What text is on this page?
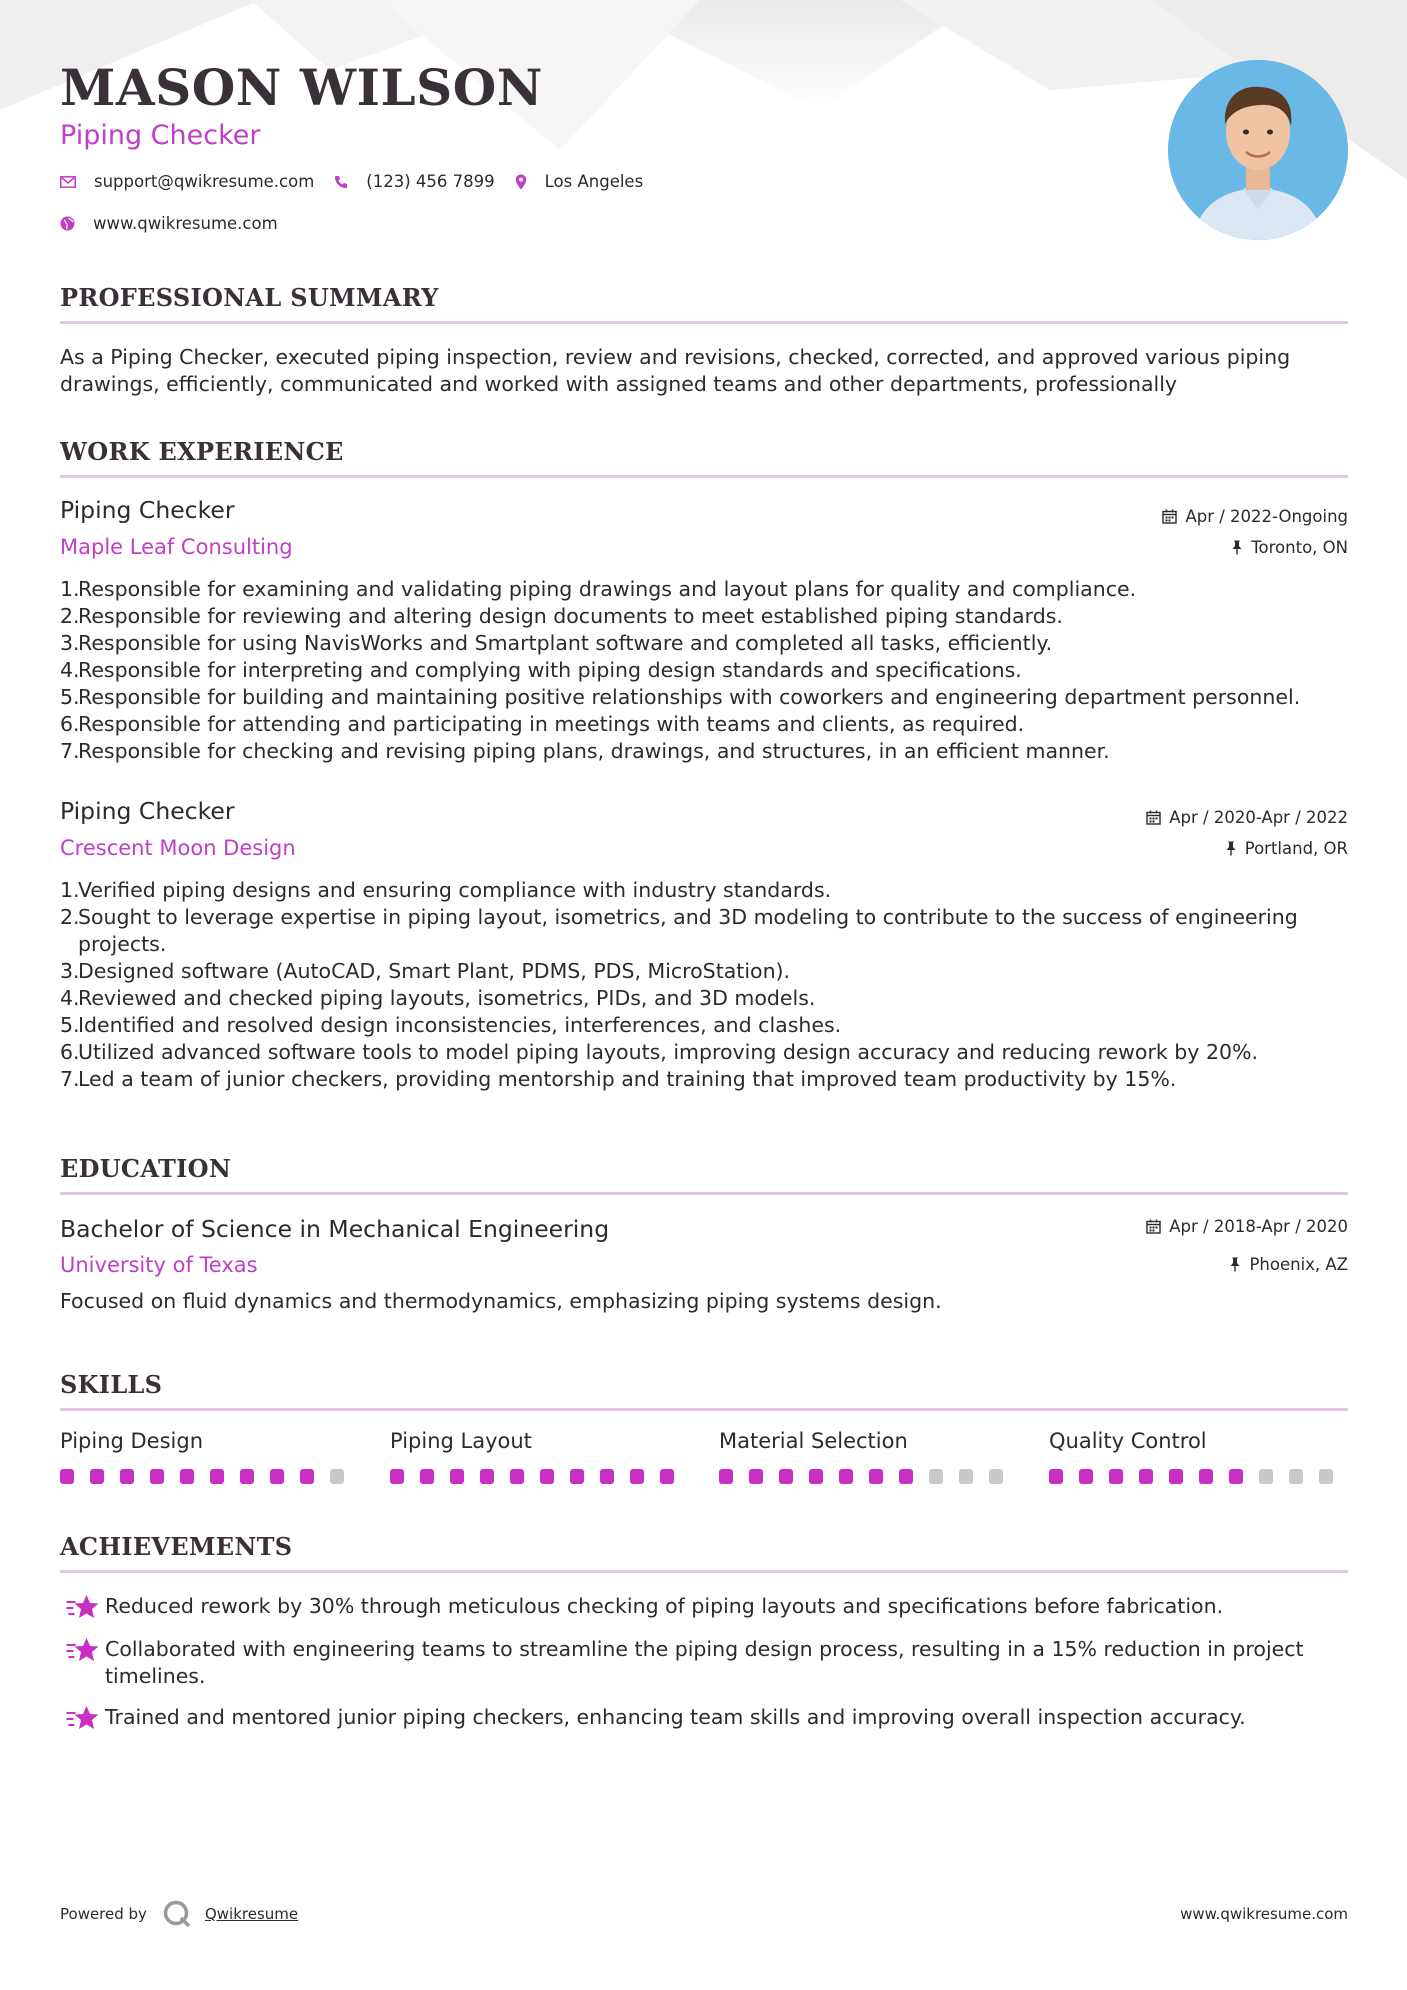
MASON WILSON
Piping Checker
support@qwikresume.com	(123) 456 7899	Los Angeles
www.qwikresume.com
PROFESSIONAL SUMMARY
As a Piping Checker, executed piping inspection, review and revisions, checked, corrected, and approved various piping drawings, efficiently, communicated and worked with assigned teams and other departments, professionally
WORK EXPERIENCE
Piping Checker	Apr / 2022-Ongoing
Maple Leaf Consulting	Toronto, ON
1.
Responsible for examining and validating piping drawings and layout plans for quality and compliance.
2.
Responsible for reviewing and altering design documents to meet established piping standards.
3.
Responsible for using NavisWorks and Smartplant software and completed all tasks, efficiently.
4.
Responsible for interpreting and complying with piping design standards and specifications.
5.
Responsible for building and maintaining positive relationships with coworkers and engineering department personnel.
6.
Responsible for attending and participating in meetings with teams and clients, as required.
7.
Responsible for checking and revising piping plans, drawings, and structures, in an efficient manner.
Piping Checker	Apr / 2020-Apr / 2022
Crescent Moon Design	Portland, OR
1.
Verified piping designs and ensuring compliance with industry standards.
2.
Sought to leverage expertise in piping layout, isometrics, and 3D modeling to contribute to the success of engineering projects.
3.
Designed software (AutoCAD, Smart Plant, PDMS, PDS, MicroStation).
4.
Reviewed and checked piping layouts, isometrics, PIDs, and 3D models.
5.
Identified and resolved design inconsistencies, interferences, and clashes.
6.
Utilized advanced software tools to model piping layouts, improving design accuracy and reducing rework by 20%.
7.
Led a team of junior checkers, providing mentorship and training that improved team productivity by 15%.
EDUCATION
Bachelor of Science in Mechanical Engineering	Apr / 2018-Apr / 2020
University of Texas	Phoenix, AZ
Focused on fluid dynamics and thermodynamics, emphasizing piping systems design.
SKILLS
Piping Design	Piping Layout	Material Selection	Quality Control
ACHIEVEMENTS
Reduced rework by 30% through meticulous checking of piping layouts and specifications before fabrication.
Collaborated with engineering teams to streamline the piping design process, resulting in a 15% reduction in project timelines.
Trained and mentored junior piping checkers, enhancing team skills and improving overall inspection accuracy.
Powered by	Qwikresume	www.qwikresume.com
